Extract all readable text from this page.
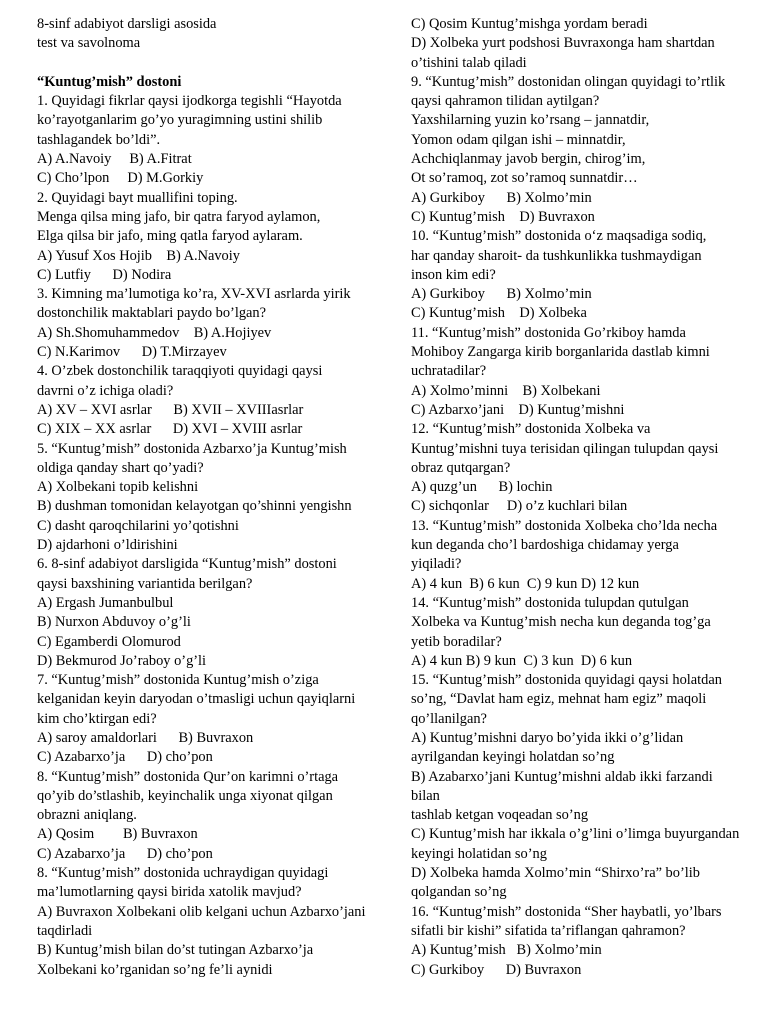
8-sinf adabiyot darsligi asosida
test va savolnoma
“Kuntug’mish” dostoni
1. Quyidagi fikrlar qaysi ijodkorga tegishli “Hayotda
ko’rayotganlarim go’yo yuragimning ustini shilib
tashlagandek bo’ldi”.
A) A.Navoiy     B) A.Fitrat
C) Cho’lpon     D) M.Gorkiy
2. Quyidagi bayt muallifini toping.
Menga qilsa ming jafo, bir qatra faryod aylamon,
Elga qilsa bir jafo, ming qatla faryod aylaram.
A) Yusuf Xos Hojib    B) A.Navoiy
C) Lutfiy      D) Nodira
3. Kimning ma’lumotiga ko’ra, XV-XVI asrlarda yirik
dostonchilik maktablari paydo bo’lgan?
A) Sh.Shomuhammedov    B) A.Hojiyev
C) N.Karimov      D) T.Mirzayev
4. O’zbek dostonchilik taraqqiyoti quyidagi qaysi
davrni o’z ichiga oladi?
A) XV – XVI asrlar      B) XVII – XVIIIasrlar
C) XIX – XX asrlar      D) XVI – XVIII asrlar
5. “Kuntug’mish” dostonida Azbarxo’ja Kuntug’mish
oldiga qanday shart qo’yadi?
A) Xolbekani topib kelishni
B) dushman tomonidan kelayotgan qo’shinni yengishn
C) dasht qaroqchilarini yo’qotishni
D) ajdarhoni o’ldirishini
6. 8-sinf adabiyot darsligida “Kuntug’mish” dostoni
qaysi baxshining variantida berilgan?
A) Ergash Jumanbulbul
B) Nurxon Abduvoy o’g’li
C) Egamberdi Olomurod
D) Bekmurod Jo’raboy o’g’li
7. “Kuntug’mish” dostonida Kuntug’mish o’ziga
kelganidan keyin daryodan o’tmasligi uchun qayiqlarni
kim cho’ktirgan edi?
A) saroy amaldorlari      B) Buvraxon
C) Azabarxo’ja      D) cho’pon
8. “Kuntug’mish” dostonida Qur’on karimni o’rtaga
qo’yib do’stlashib, keyinchalik unga xiyonat qilgan
obrazni aniqlang.
A) Qosim        B) Buvraxon
C) Azabarxo’ja      D) cho’pon
8. “Kuntug’mish” dostonida uchraydigan quyidagi
ma’lumotlarning qaysi birida xatolik mavjud?
A) Buvraxon Xolbekani olib kelgani uchun Azbarxo’jani
taqdirladi
B) Kuntug’mish bilan do’st tutingan Azbarxo’ja
Xolbekani ko’rganidan so’ng fe’li aynidi
C) Qosim Kuntug’mishga yordam beradi
D) Xolbeka yurt podshosi Buvraxonga ham shartdan
o’tishini talab qiladi
9. “Kuntug’mish” dostonidan olingan quyidagi to’rtlik
qaysi qahramon tilidan aytilgan?
Yaxshilarning yuzin ko’rsang – jannatdir,
Yomon odam qilgan ishi – minnatdir,
Achchiqlanmay javob bergin, chirog’im,
Ot so’ramoq, zot so’ramoq sunnatdir…
A) Gurkiboy      B) Xolmo’min
C) Kuntug’mish    D) Buvraxon
10. “Kuntug’mish” dostonida o‘z maqsadiga sodiq,
har qanday sharoit- da tushkunlikka tushmaydigan
inson kim edi?
A) Gurkiboy      B) Xolmo’min
C) Kuntug’mish    D) Xolbeka
11. “Kuntug’mish” dostonida Go’rkiboy hamda
Mohiboy Zangarga kirib borganlarida dastlab kimni
uchratadilar?
A) Xolmo’minni    B) Xolbekani
C) Azbarxo’jani    D) Kuntug’mishni
12. “Kuntug’mish” dostonida Xolbeka va
Kuntug’mishni tuya terisidan qilingan tulupdan qaysi
obraz qutqargan?
A) quzg’un      B) lochin
C) sichqonlar     D) o’z kuchlari bilan
13. “Kuntug’mish” dostonida Xolbeka cho’lda necha
kun deganda cho’l bardoshiga chidamay yerga
yiqiladi?
A) 4 kun  B) 6 kun  C) 9 kun D) 12 kun
14. “Kuntug’mish” dostonida tulupdan qutulgan
Xolbeka va Kuntug’mish necha kun deganda tog’ga
yetib boradilar?
A) 4 kun B) 9 kun  C) 3 kun  D) 6 kun
15. “Kuntug’mish” dostonida quyidagi qaysi holatdan
so’ng, “Davlat ham egiz, mehnat ham egiz” maqoli
qo’llanilgan?
A) Kuntug’mishni daryo bo’yida ikki o’g’lidan
ayrilgandan keyingi holatdan so’ng
B) Azabarxo’jani Kuntug’mishni aldab ikki farzandi
bilan
tashlab ketgan voqeadan so’ng
C) Kuntug’mish har ikkala o’g’lini o’limga buyurgandan
keyingi holatidan so’ng
D) Xolbeka hamda Xolmo’min “Shirxo’ra” bo’lib
qolgandan so’ng
16. “Kuntug’mish” dostonida “Sher haybatli, yo’lbars
sifatli bir kishi” sifatida ta’riflangan qahramon?
A) Kuntug’mish   B) Xolmo’min
C) Gurkiboy      D) Buvraxon
